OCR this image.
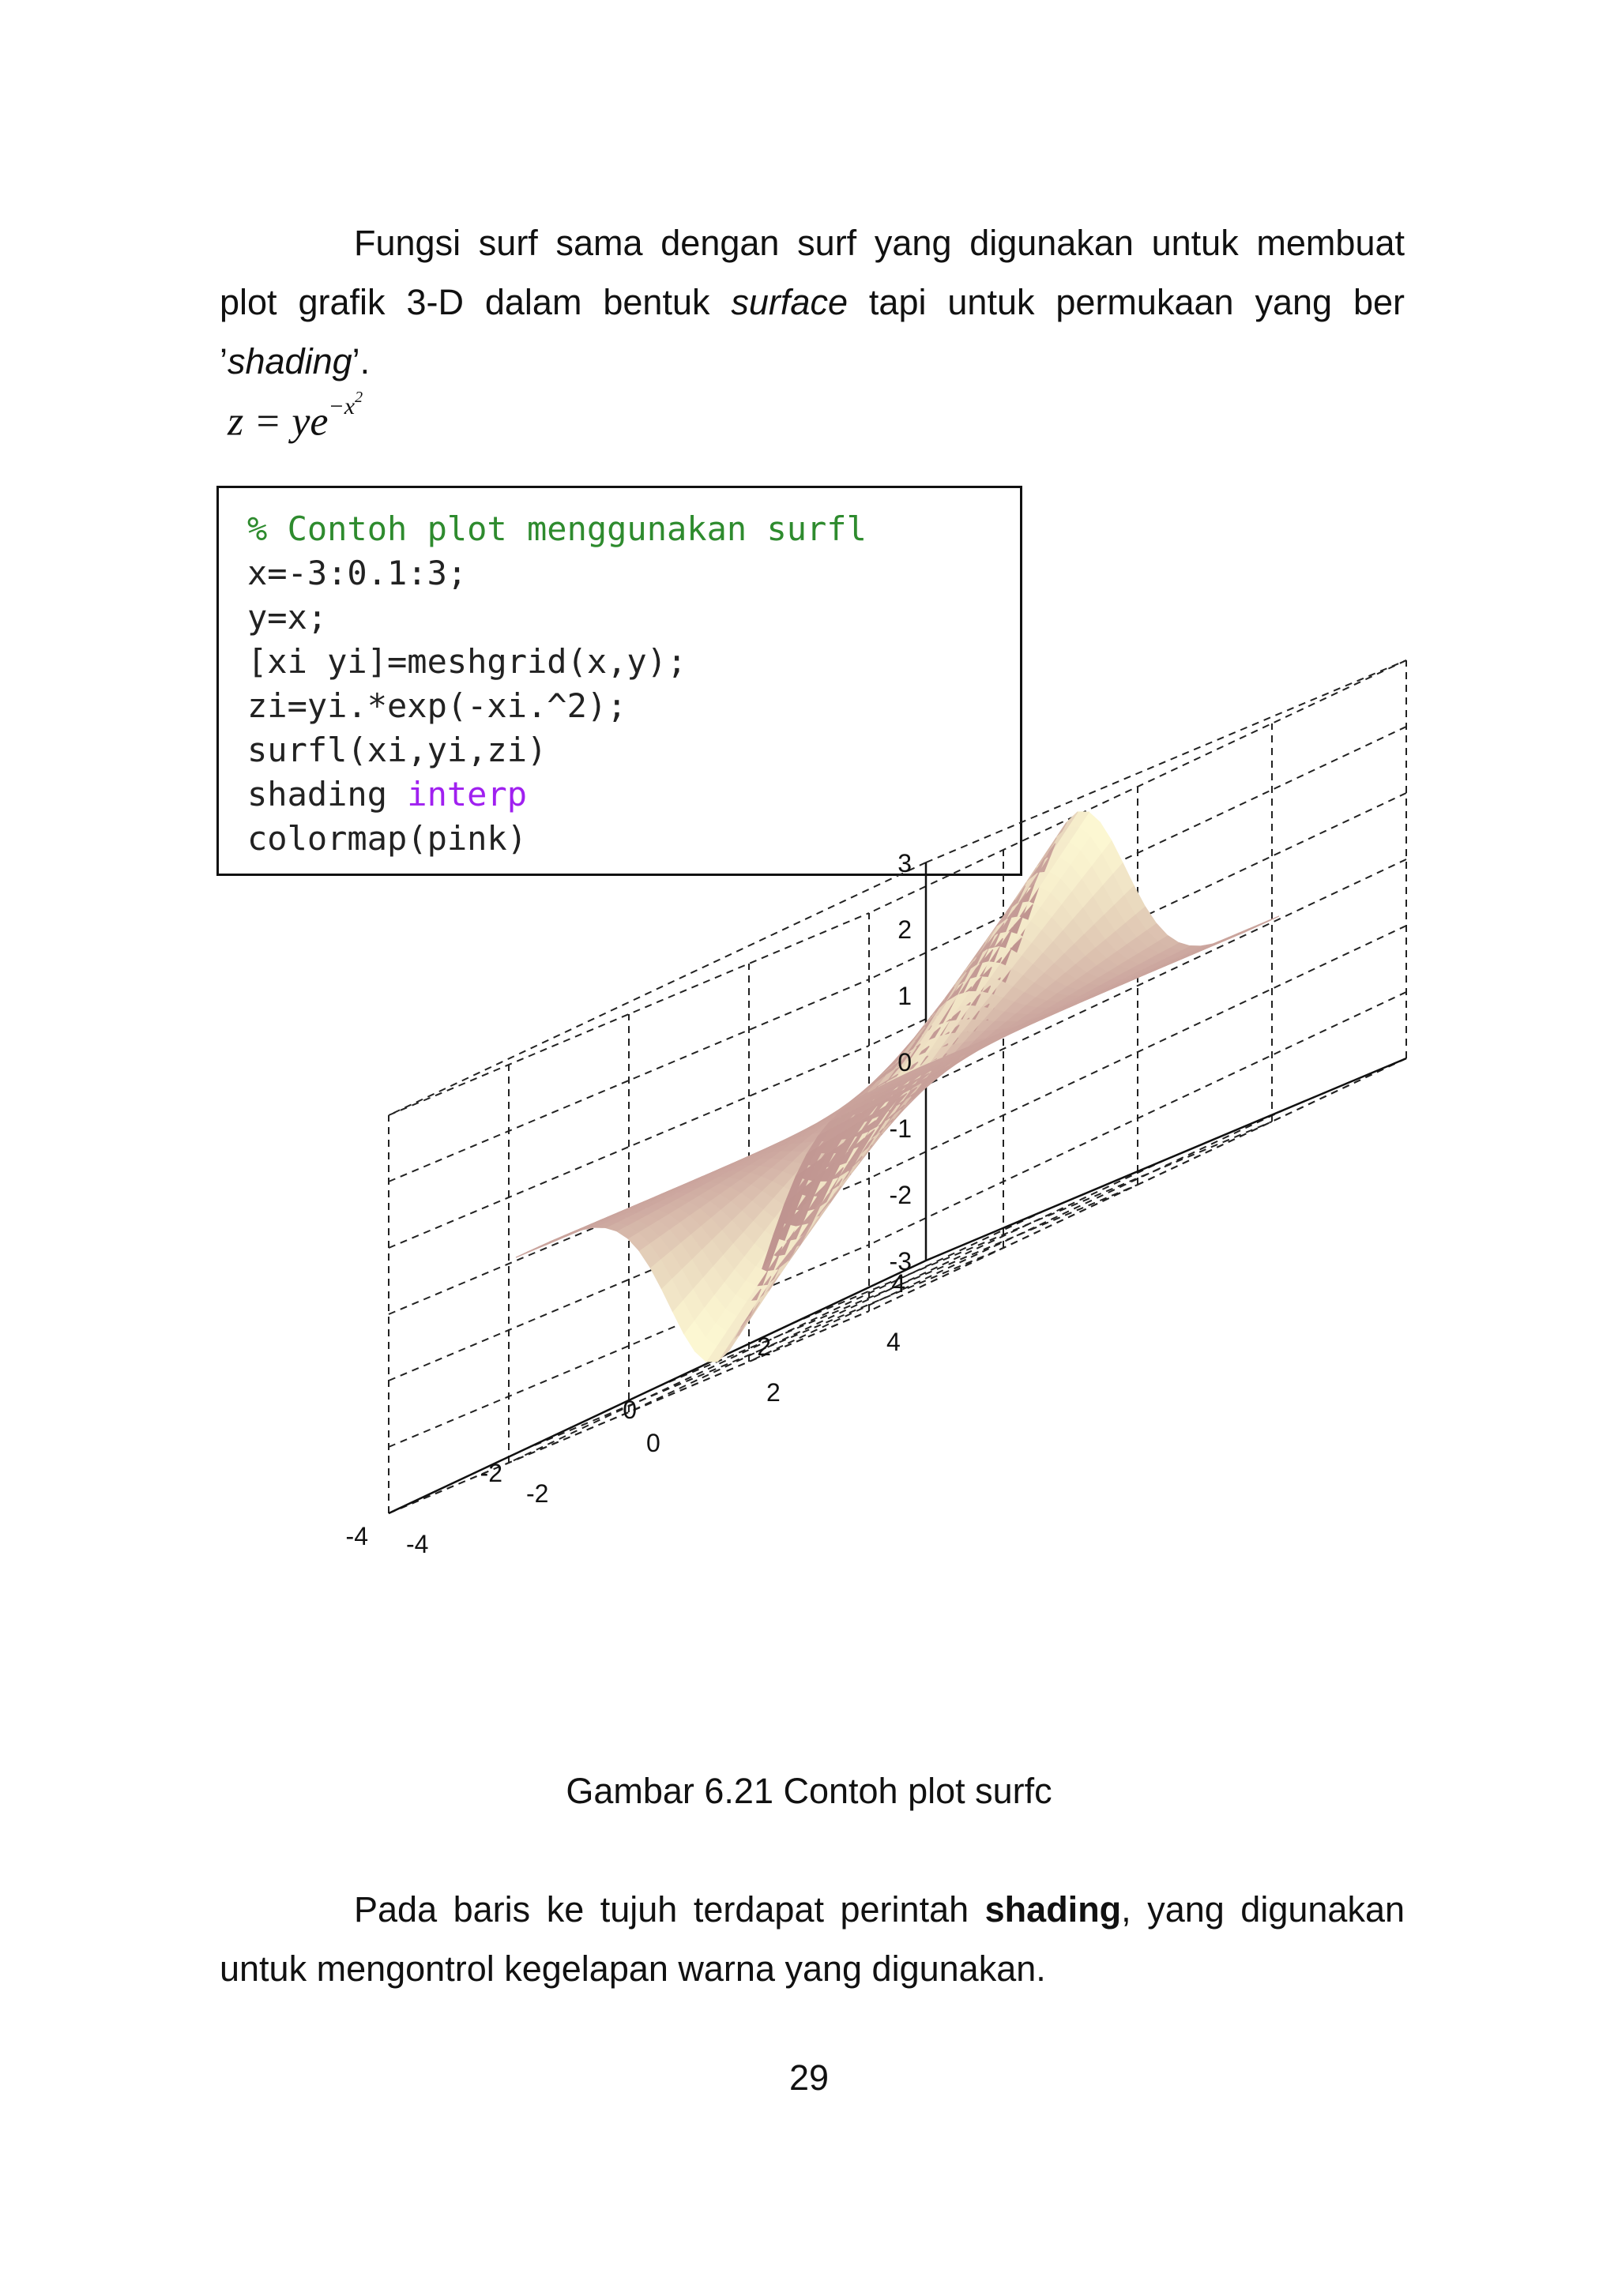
Fungsi surf sama dengan surf yang digunakan untuk membuat plot grafik 3-D dalam bentuk surface tapi untuk permukaan yang ber ’shading’.

$z = ye^{-x^2}$
% Contoh plot menggunakan surfl
x=-3:0.1:3;
y=x;
[xi yi]=meshgrid(x,y);
zi=yi.*exp(-xi.^2);
surfl(xi,yi,zi)
shading interp
colormap(pink)
3
2
1
0
-1
-2
-3
4
2
0
-2
-4 -4
-2
0
2
4
Gambar 6.21 Contoh plot surfc

Pada baris ke tujuh terdapat perintah shading, yang digunakan untuk mengontrol kegelapan warna yang digunakan.

29
